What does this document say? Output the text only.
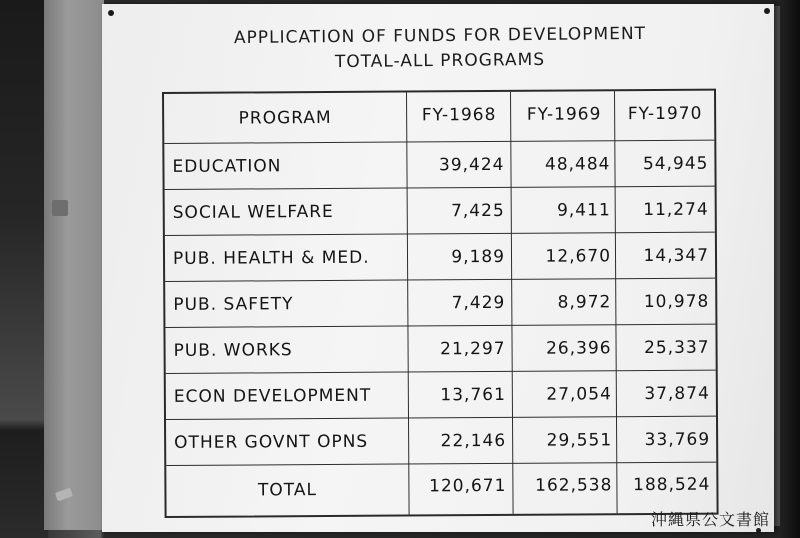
APPLICATION OF FUNDS FOR DEVELOPMENT
TOTAL-ALL PROGRAMS
PROGRAM	FY-1968	FY-1969	FY-1970
EDUCATION	39,424	48,484	54,945
SOCIAL WELFARE	7,425	9,411	11,274
PUB. HEALTH & MED.	9,189	12,670	14,347
PUB. SAFETY	7,429	8,972	10,978
PUB. WORKS	21,297	26,396	25,337
ECON DEVELOPMENT	13,761	27,054	37,874
OTHER GOVNT OPNS	22,146	29,551	33,769
TOTAL	120,671	162,538	188,524
沖縄県公文書館
